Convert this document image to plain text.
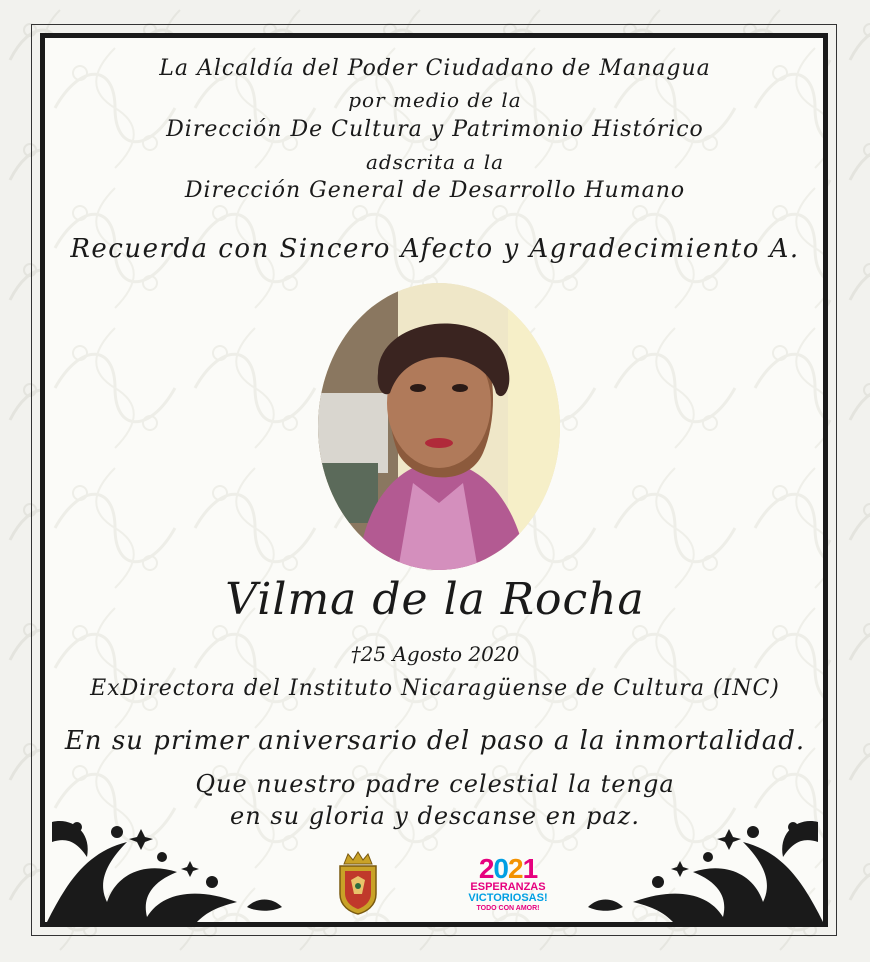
La Alcaldía del Poder Ciudadano de Managua
por medio de la
Dirección De Cultura y Patrimonio Histórico
adscrita a la
Dirección General de Desarrollo Humano
Recuerda con Sincero Afecto y Agradecimiento A.
Vilma de la Rocha
†25 Agosto 2020
ExDirectora del Instituto Nicaragüense de Cultura (INC)
En su primer aniversario del paso a la inmortalidad.
Que nuestro padre celestial la tenga
en su gloria y descanse en paz.
2021
ESPERANZAS
VICTORIOSAS!
TODO CON AMOR!
